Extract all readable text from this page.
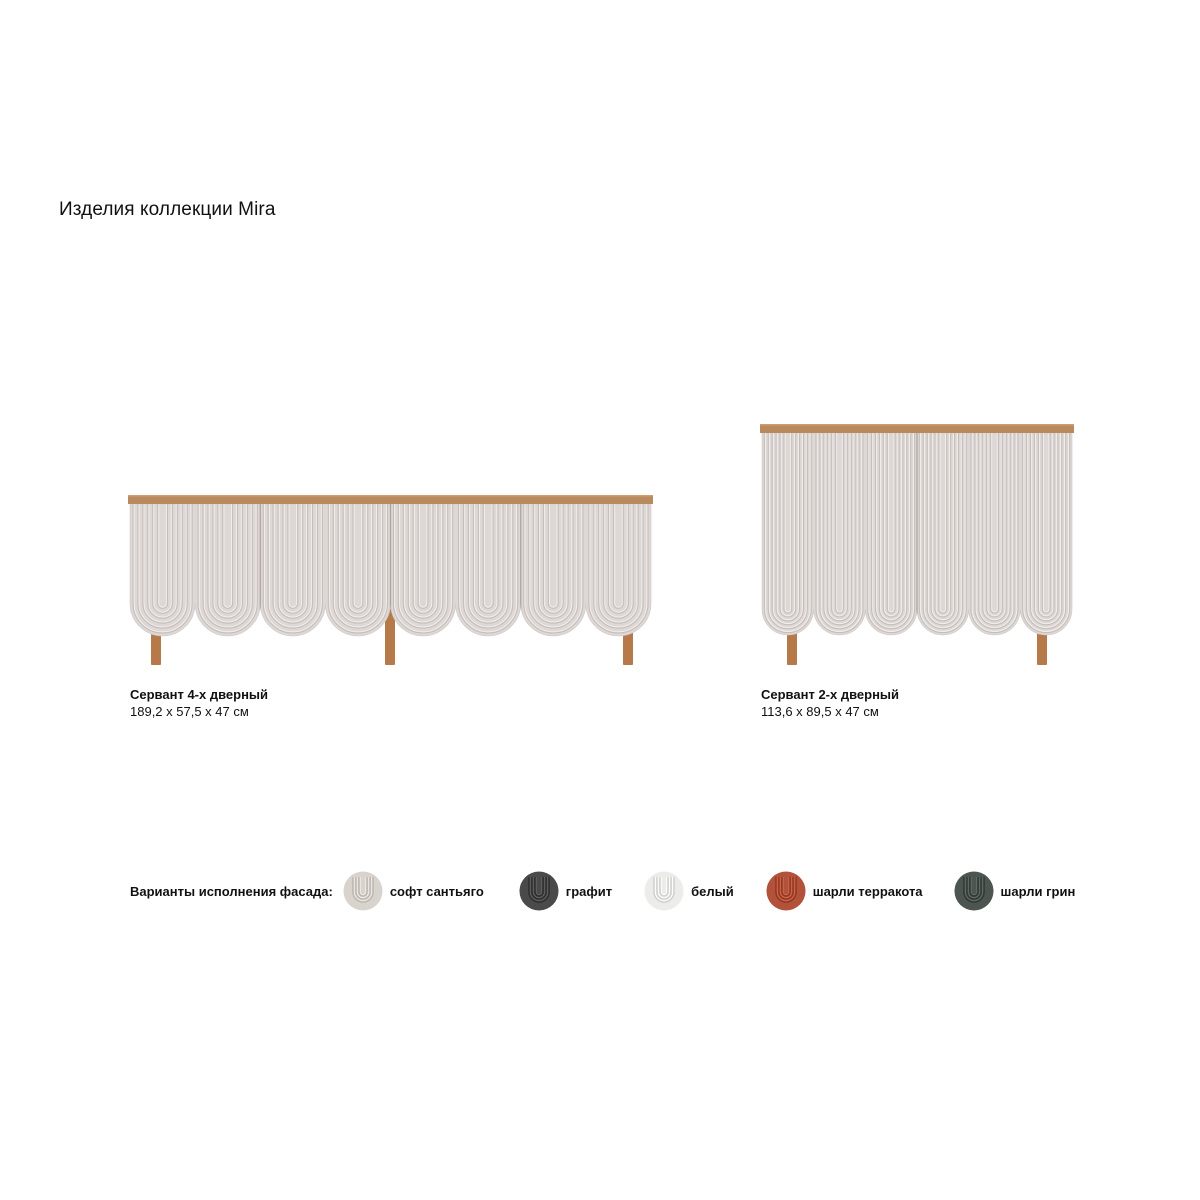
Изделия коллекции Mira
Сервант 4-х дверный
189,2 x 57,5 x 47 см
Сервант 2-х дверный
113,6 x 89,5 x 47 см
Варианты исполнения фасада:	софт сантьяго	графит	белый	шарли терракота	шарли грин
